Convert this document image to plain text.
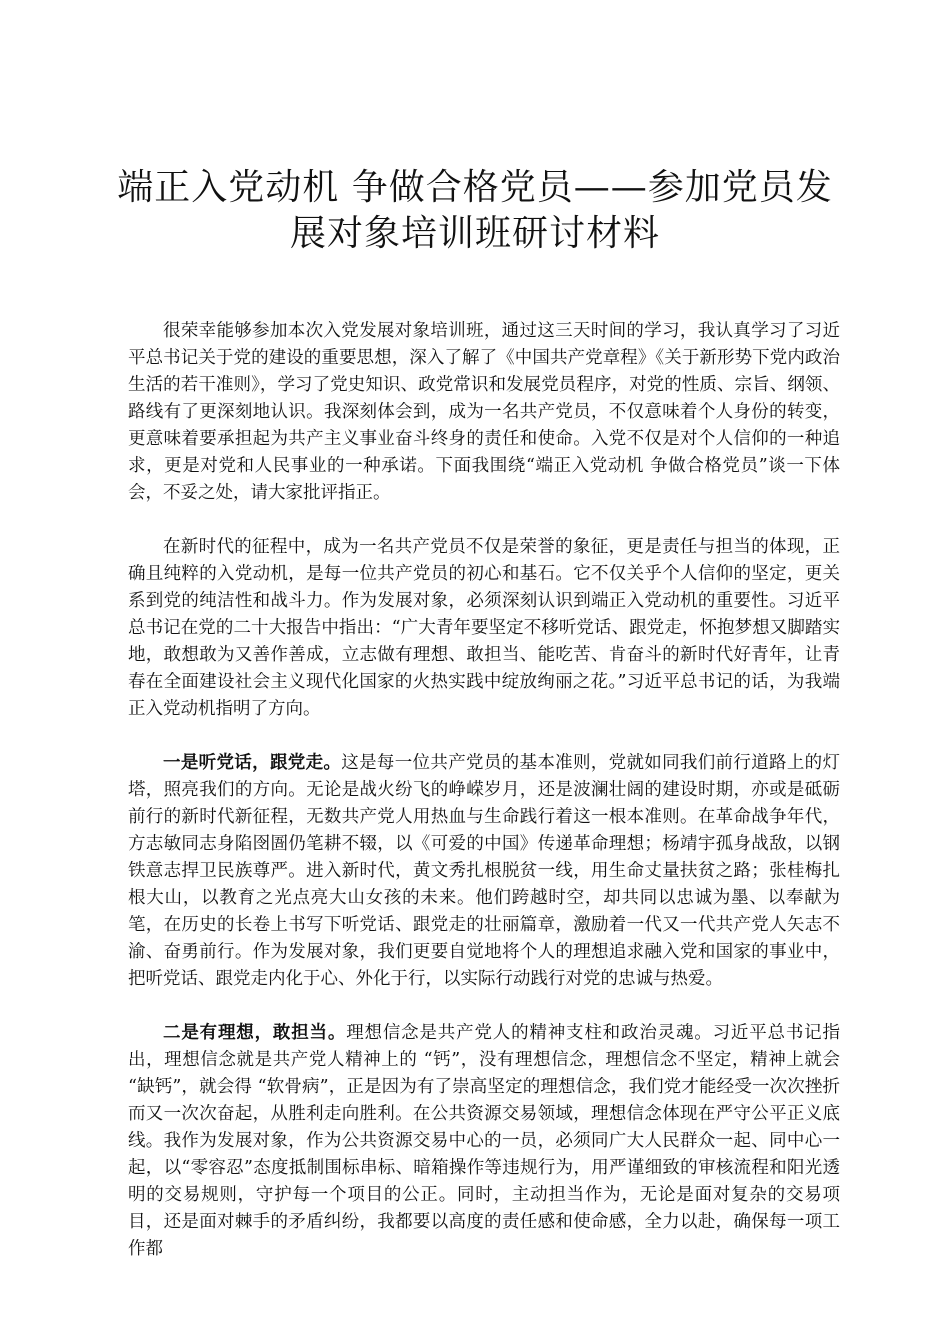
端正入党动机 争做合格党员——参加党员发展对象培训班研讨材料

很荣幸能够参加本次入党发展对象培训班，通过这三天时间的学习，我认真学习了习近平总书记关于党的建设的重要思想，深入了解了《中国共产党章程》《关于新形势下党内政治生活的若干准则》，学习了党史知识、政党常识和发展党员程序，对党的性质、宗旨、纲领、路线有了更深刻地认识。我深刻体会到，成为一名共产党员，不仅意味着个人身份的转变，更意味着要承担起为共产主义事业奋斗终身的责任和使命。入党不仅是对个人信仰的一种追求，更是对党和人民事业的一种承诺。下面我围绕“端正入党动机 争做合格党员”谈一下体会，不妥之处，请大家批评指正。

在新时代的征程中，成为一名共产党员不仅是荣誉的象征，更是责任与担当的体现，正确且纯粹的入党动机，是每一位共产党员的初心和基石。它不仅关乎个人信仰的坚定，更关系到党的纯洁性和战斗力。作为发展对象，必须深刻认识到端正入党动机的重要性。习近平总书记在党的二十大报告中指出：“广大青年要坚定不移听党话、跟党走，怀抱梦想又脚踏实地，敢想敢为又善作善成，立志做有理想、敢担当、能吃苦、肯奋斗的新时代好青年，让青春在全面建设社会主义现代化国家的火热实践中绽放绚丽之花。”习近平总书记的话，为我端正入党动机指明了方向。

一是听党话，跟党走。这是每一位共产党员的基本准则，党就如同我们前行道路上的灯塔，照亮我们的方向。无论是战火纷飞的峥嵘岁月，还是波澜壮阔的建设时期，亦或是砥砺前行的新时代新征程，无数共产党人用热血与生命践行着这一根本准则。在革命战争年代，方志敏同志身陷囹圄仍笔耕不辍，以《可爱的中国》传递革命理想；杨靖宇孤身战敌，以钢铁意志捍卫民族尊严。进入新时代，黄文秀扎根脱贫一线，用生命丈量扶贫之路；张桂梅扎根大山，以教育之光点亮大山女孩的未来。他们跨越时空，却共同以忠诚为墨、以奉献为笔，在历史的长卷上书写下听党话、跟党走的壮丽篇章，激励着一代又一代共产党人矢志不渝、奋勇前行。作为发展对象，我们更要自觉地将个人的理想追求融入党和国家的事业中，把听党话、跟党走内化于心、外化于行，以实际行动践行对党的忠诚与热爱。

二是有理想，敢担当。理想信念是共产党人的精神支柱和政治灵魂。习近平总书记指出，理想信念就是共产党人精神上的 “钙”，没有理想信念，理想信念不坚定，精神上就会 “缺钙”，就会得 “软骨病”，正是因为有了崇高坚定的理想信念，我们党才能经受一次次挫折而又一次次奋起，从胜利走向胜利。在公共资源交易领域，理想信念体现在严守公平正义底线。我作为发展对象，作为公共资源交易中心的一员，必须同广大人民群众一起、同中心一起，以“零容忍”态度抵制围标串标、暗箱操作等违规行为，用严谨细致的审核流程和阳光透明的交易规则，守护每一个项目的公正。同时，主动担当作为，无论是面对复杂的交易项目，还是面对棘手的矛盾纠纷，我都要以高度的责任感和使命感，全力以赴，确保每一项工作都
